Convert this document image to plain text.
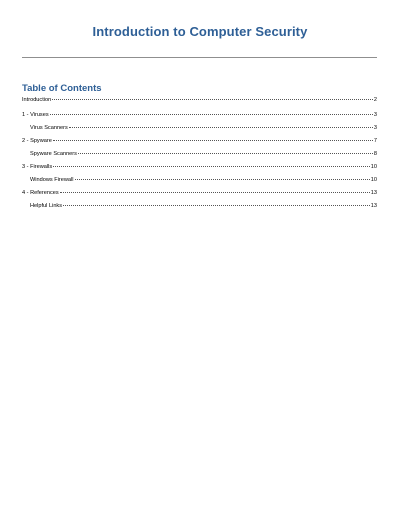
Introduction to Computer Security
Table of Contents
Introduction	2
1 - Viruses	3
Virus Scanners	3
2 - Spyware	7
Spyware Scanners	8
3 - Firewalls	10
Windows Firewall	10
4 - References	13
Helpful Links	13
